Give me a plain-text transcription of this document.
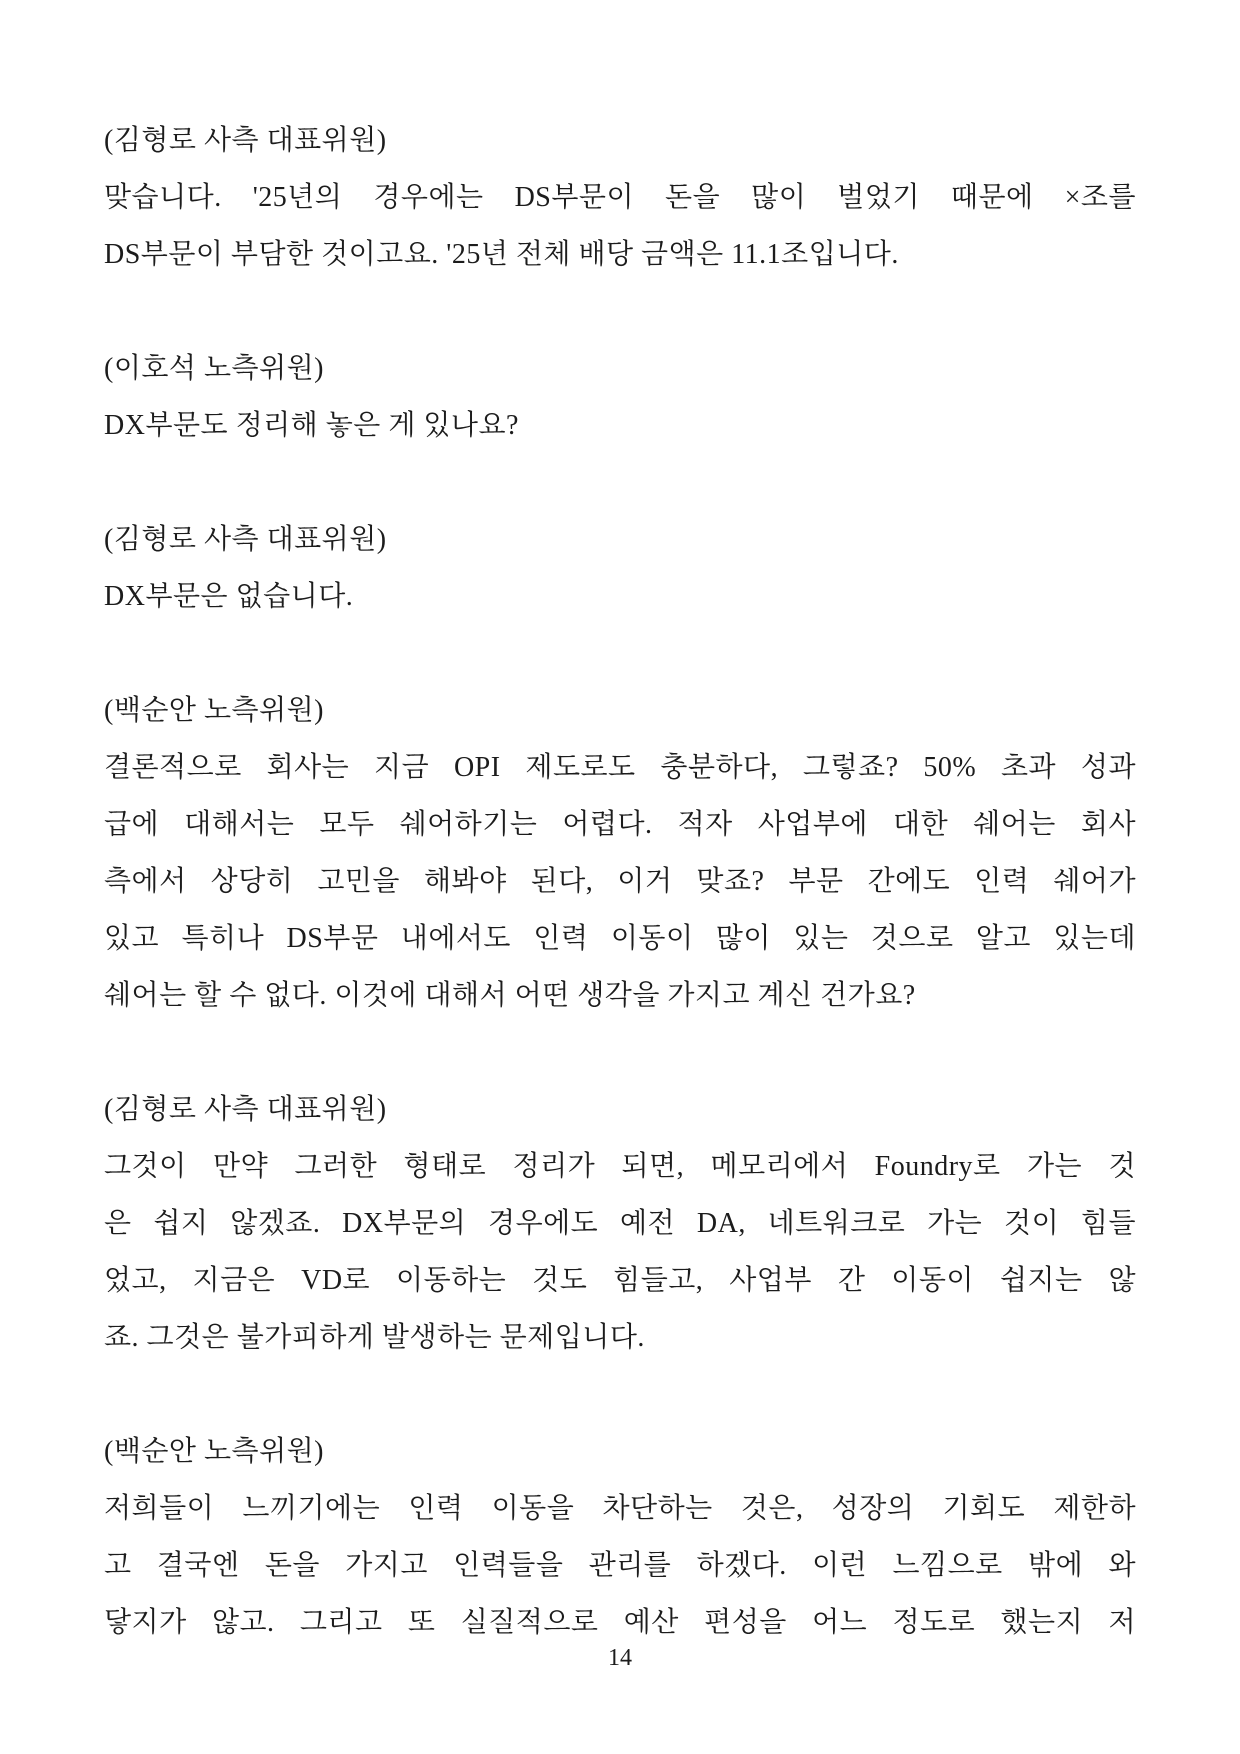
(김형로 사측 대표위원)
맞습니다. '25년의 경우에는 DS부문이 돈을 많이 벌었기 때문에 ×조를
DS부문이 부담한 것이고요. '25년 전체 배당 금액은 11.1조입니다.
(이호석 노측위원)
DX부문도 정리해 놓은 게 있나요?
(김형로 사측 대표위원)
DX부문은 없습니다.
(백순안 노측위원)
결론적으로 회사는 지금 OPI 제도로도 충분하다, 그렇죠? 50% 초과 성과
급에 대해서는 모두 쉐어하기는 어렵다. 적자 사업부에 대한 쉐어는 회사
측에서 상당히 고민을 해봐야 된다, 이거 맞죠? 부문 간에도 인력 쉐어가
있고 특히나 DS부문 내에서도 인력 이동이 많이 있는 것으로 알고 있는데
쉐어는 할 수 없다. 이것에 대해서 어떤 생각을 가지고 계신 건가요?
(김형로 사측 대표위원)
그것이 만약 그러한 형태로 정리가 되면, 메모리에서 Foundry로 가는 것
은 쉽지 않겠죠. DX부문의 경우에도 예전 DA, 네트워크로 가는 것이 힘들
었고, 지금은 VD로 이동하는 것도 힘들고, 사업부 간 이동이 쉽지는 않
죠. 그것은 불가피하게 발생하는 문제입니다.
(백순안 노측위원)
저희들이 느끼기에는 인력 이동을 차단하는 것은, 성장의 기회도 제한하
고 결국엔 돈을 가지고 인력들을 관리를 하겠다. 이런 느낌으로 밖에 와
닿지가 않고. 그리고 또 실질적으로 예산 편성을 어느 정도로 했는지 저
14
